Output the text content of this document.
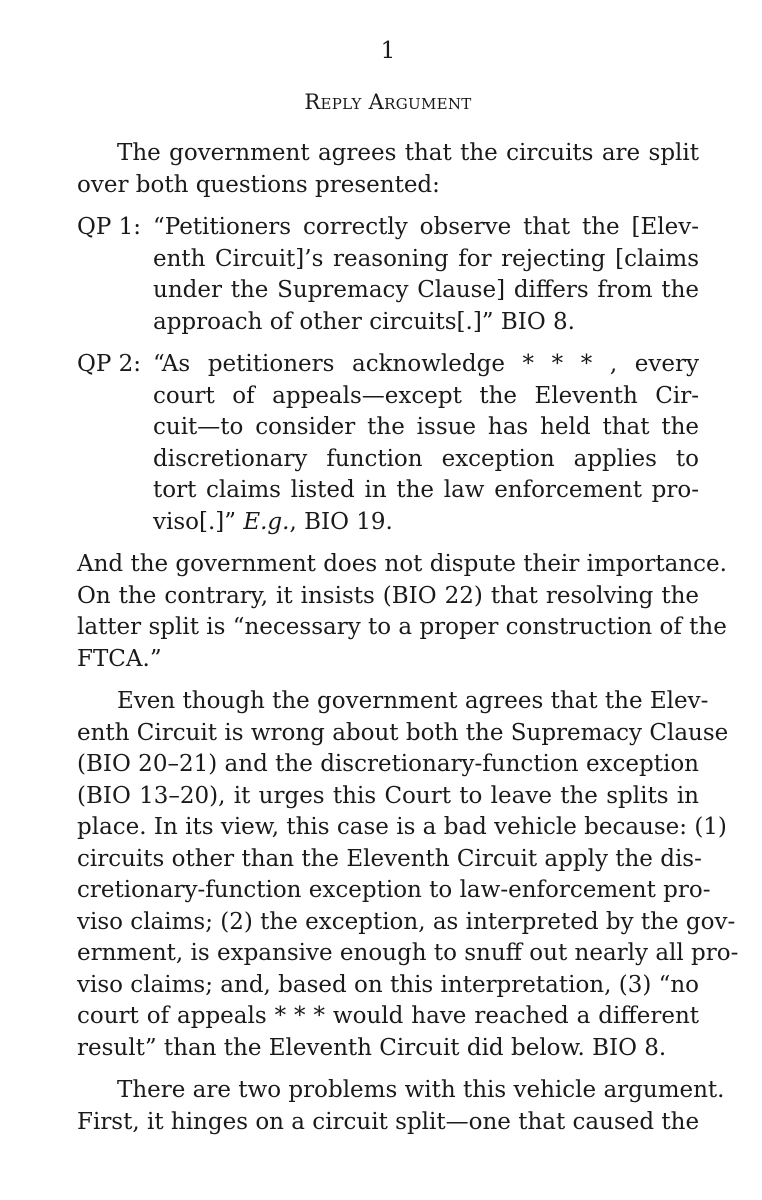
1
Reply Argument
The government agrees that the circuits are split
over both questions presented:
QP 1: “Petitioners correctly observe that the [Elev-
enth Circuit]’s reasoning for rejecting [claims
under the Supremacy Clause] differs from the
approach of other circuits[.]” BIO 8.
QP 2: “As petitioners acknowledge * * * , every
court of appeals—except the Eleventh Cir-
cuit—to consider the issue has held that the
discretionary function exception applies to
tort claims listed in the law enforcement pro-
viso[.]” E.g., BIO 19.
And the government does not dispute their importance.
On the contrary, it insists (BIO 22) that resolving the
latter split is “necessary to a proper construction of the
FTCA.”
Even though the government agrees that the Elev-
enth Circuit is wrong about both the Supremacy Clause
(BIO 20–21) and the discretionary-function exception
(BIO 13–20), it urges this Court to leave the splits in
place. In its view, this case is a bad vehicle because: (1)
circuits other than the Eleventh Circuit apply the dis-
cretionary-function exception to law-enforcement pro-
viso claims; (2) the exception, as interpreted by the gov-
ernment, is expansive enough to snuff out nearly all pro-
viso claims; and, based on this interpretation, (3) “no
court of appeals * * * would have reached a different
result” than the Eleventh Circuit did below. BIO 8.
There are two problems with this vehicle argument.
First, it hinges on a circuit split—one that caused the
